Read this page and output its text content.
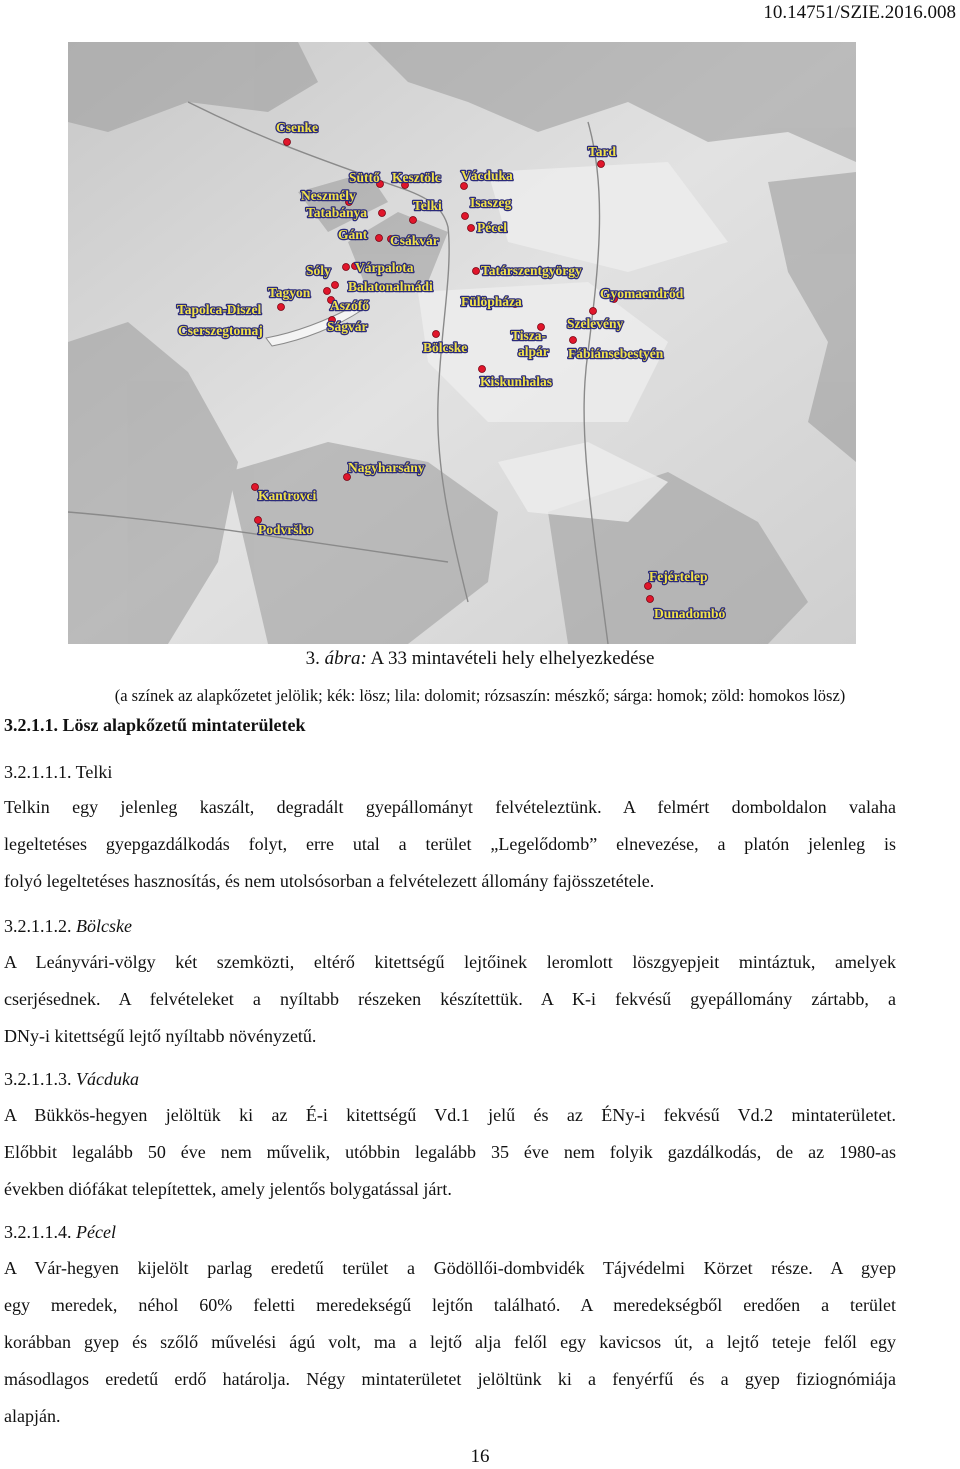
10.14751/SZIE.2016.008
Csenke
Tard
Süttő Kesztölc Vácduka
Neszmély
Tatabánya	Telki Isaszeg
Pécel
Gánt Csákvár
Sóly Várpalota	Tatárszentgyörgy
Tagyon	Balatonalmádi	Gyomaendrőd
Tapolca-Diszel	Aszófő	Fülöpháza
Szelevény
Cserszegtomaj	Ságvár
Tisza-
alpár
Bölcske	Fábiánsebestyén
Kiskunhalas
Nagyharsány
Kantrovci
Podvrško
Fejértelep
Dunadombó
3. ábra: A 33 mintavételi hely elhelyezkedése
(a színek az alapkőzetet jelölik; kék: lösz; lila: dolomit; rózsaszín: mészkő; sárga: homok; zöld: homokos lösz)
3.2.1.1. Lösz alapkőzetű mintaterületek
3.2.1.1.1. Telki
Telkin egy jelenleg kaszált, degradált gyepállományt felvételeztünk. A felmért domboldalon valaha
legeltetéses gyepgazdálkodás folyt, erre utal a terület „Legelődomb” elnevezése, a platón jelenleg is
folyó legeltetéses hasznosítás, és nem utolsósorban a felvételezett állomány fajösszetétele.
3.2.1.1.2. Bölcske
A Leányvári-völgy két szemközti, eltérő kitettségű lejtőinek leromlott löszgyepjeit mintáztuk, amelyek
cserjésednek. A felvételeket a nyíltabb részeken készítettük. A K-i fekvésű gyepállomány zártabb, a
DNy-i kitettségű lejtő nyíltabb növényzetű.
3.2.1.1.3. Vácduka
A Bükkös-hegyen jelöltük ki az É-i kitettségű Vd.1 jelű és az ÉNy-i fekvésű Vd.2 mintaterületet.
Előbbit legalább 50 éve nem művelik, utóbbin legalább 35 éve nem folyik gazdálkodás, de az 1980-as
években diófákat telepítettek, amely jelentős bolygatással járt.
3.2.1.1.4. Pécel
A Vár-hegyen kijelölt parlag eredetű terület a Gödöllői-dombvidék Tájvédelmi Körzet része. A gyep
egy meredek, néhol 60% feletti meredekségű lejtőn található. A meredekségből eredően a terület
korábban gyep és szőlő művelési ágú volt, ma a lejtő alja felől egy kavicsos út, a lejtő teteje felől egy
másodlagos eredetű erdő határolja. Négy mintaterületet jelöltünk ki a fenyérfű és a gyep fiziognómiája
alapján.
16
